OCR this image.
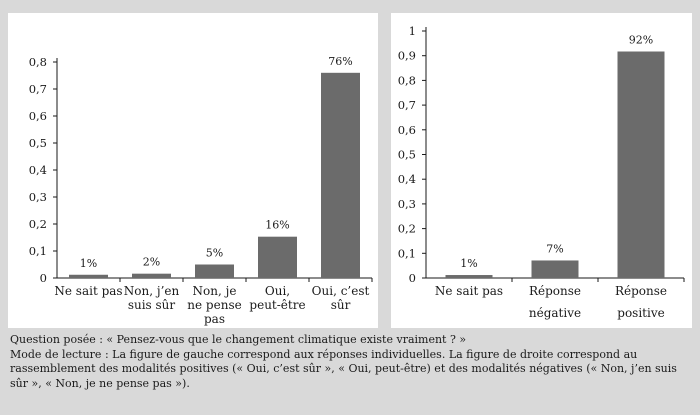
0
0,1
0,2
0,3
0,4
0,5
0,6
0,7
0,8
1%
Ne sait pas
2%
Non, j’en suis sûr
5%
Non, je ne pense pas
16%
Oui, peut-être
76%
Oui, c’est sûr
0
0,1
0,2
0,3
0,4
0,5
0,6
0,7
0,8
0,9
1
1%
Ne sait pas
7%
Réponse négative
92%
Réponse positive

Question posée : « Pensez-vous que le changement climatique existe vraiment ? »

Mode de lecture : La figure de gauche correspond aux réponses individuelles. La figure de droite correspond au rassemblement des modalités positives (« Oui, c’est sûr », « Oui, peut-être) et des modalités négatives (« Non, j’en suis sûr », « Non, je ne pense pas »).
